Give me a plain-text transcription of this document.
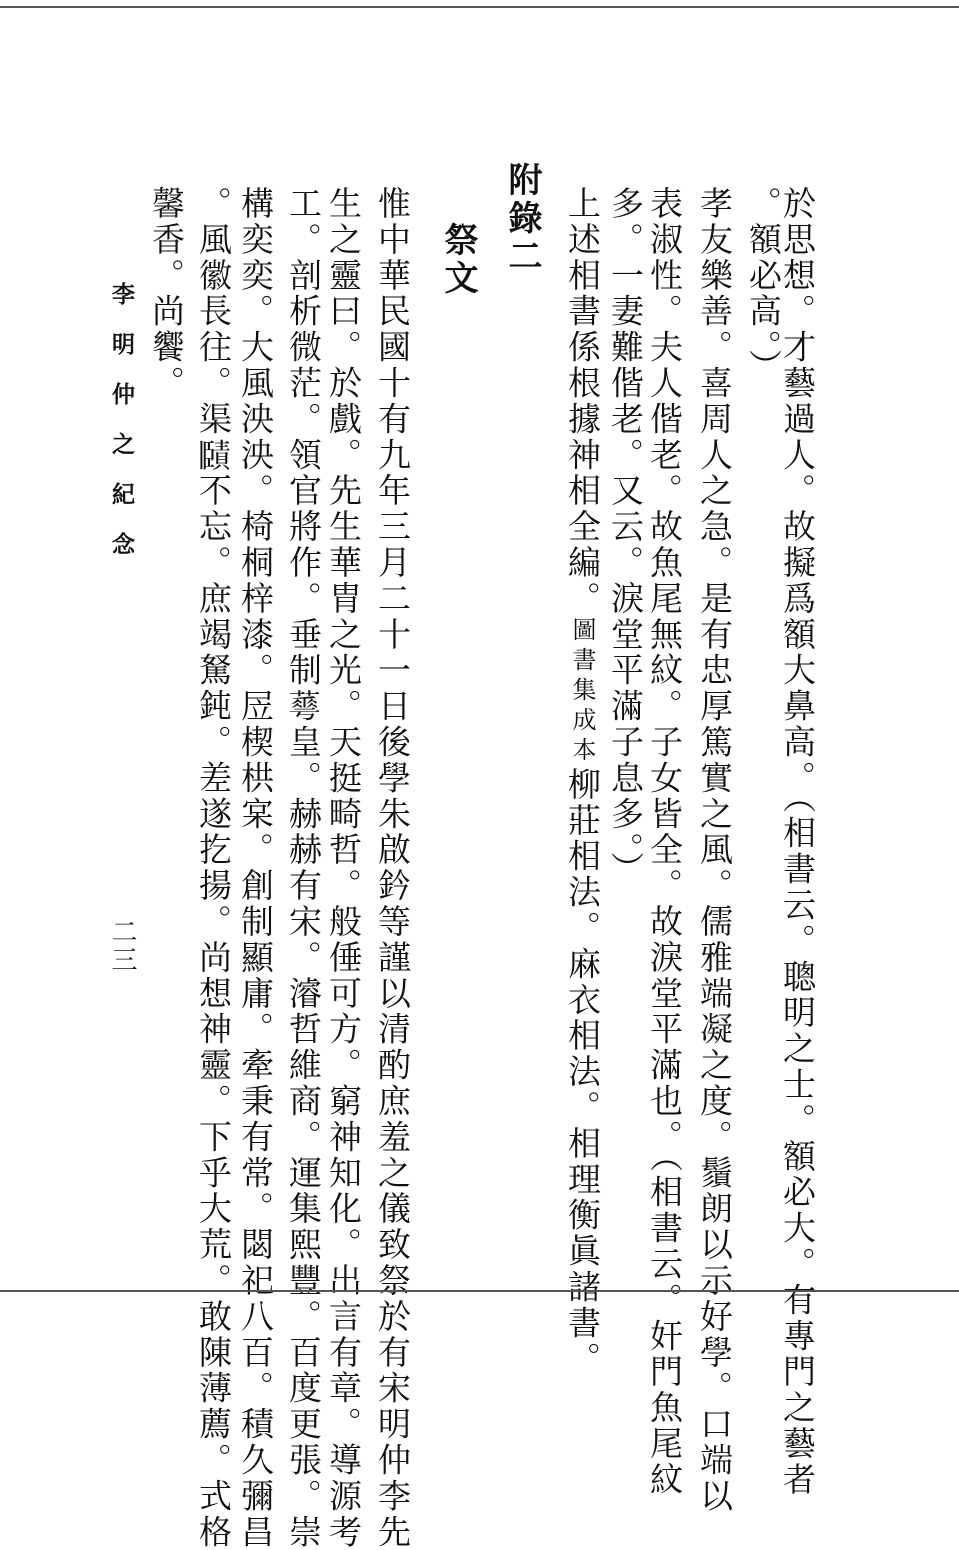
於思想。才藝過人。故擬爲額大鼻高。（相書云。聰明之士。額必大。有專門之藝者
。額必高。）
孝友樂善。喜周人之急。是有忠厚篤實之風。儒雅端凝之度。鬚朗以示好學。口端以
表淑性。夫人偕老。故魚尾無紋。子女皆全。故淚堂平滿也。（相書云。奸門魚尾紋
多。一妻難偕老。又云。淚堂平滿子息多。）
上述相書係根據神相全編。圖書集成本柳莊相法。麻衣相法。相理衡眞諸書。
附錄二
祭文
惟中華民國十有九年三月二十一日後學朱啟鈐等謹以清酌庶羞之儀致祭於有宋明仲李先
生之靈曰。於戲。先生華胄之光。天挺畸哲。般倕可方。窮神知化。出言有章。導源考
工。剖析微茫。領官將作。垂制𦾓皇。赫赫有宋。濬哲維商。運集熙豐。百度更張。崇
構奕奕。大風泱泱。椅桐梓漆。㞐楔栱宲。創制顯庸。牽秉有常。閟祀八百。積久彌昌
。風徽長往。渠𧷤不忘。庶竭駑鈍。差遂扢揚。尚想神靈。下乎大荒。敢陳薄薦。式格
馨香。尚饗。
李明仲之紀念
二三
